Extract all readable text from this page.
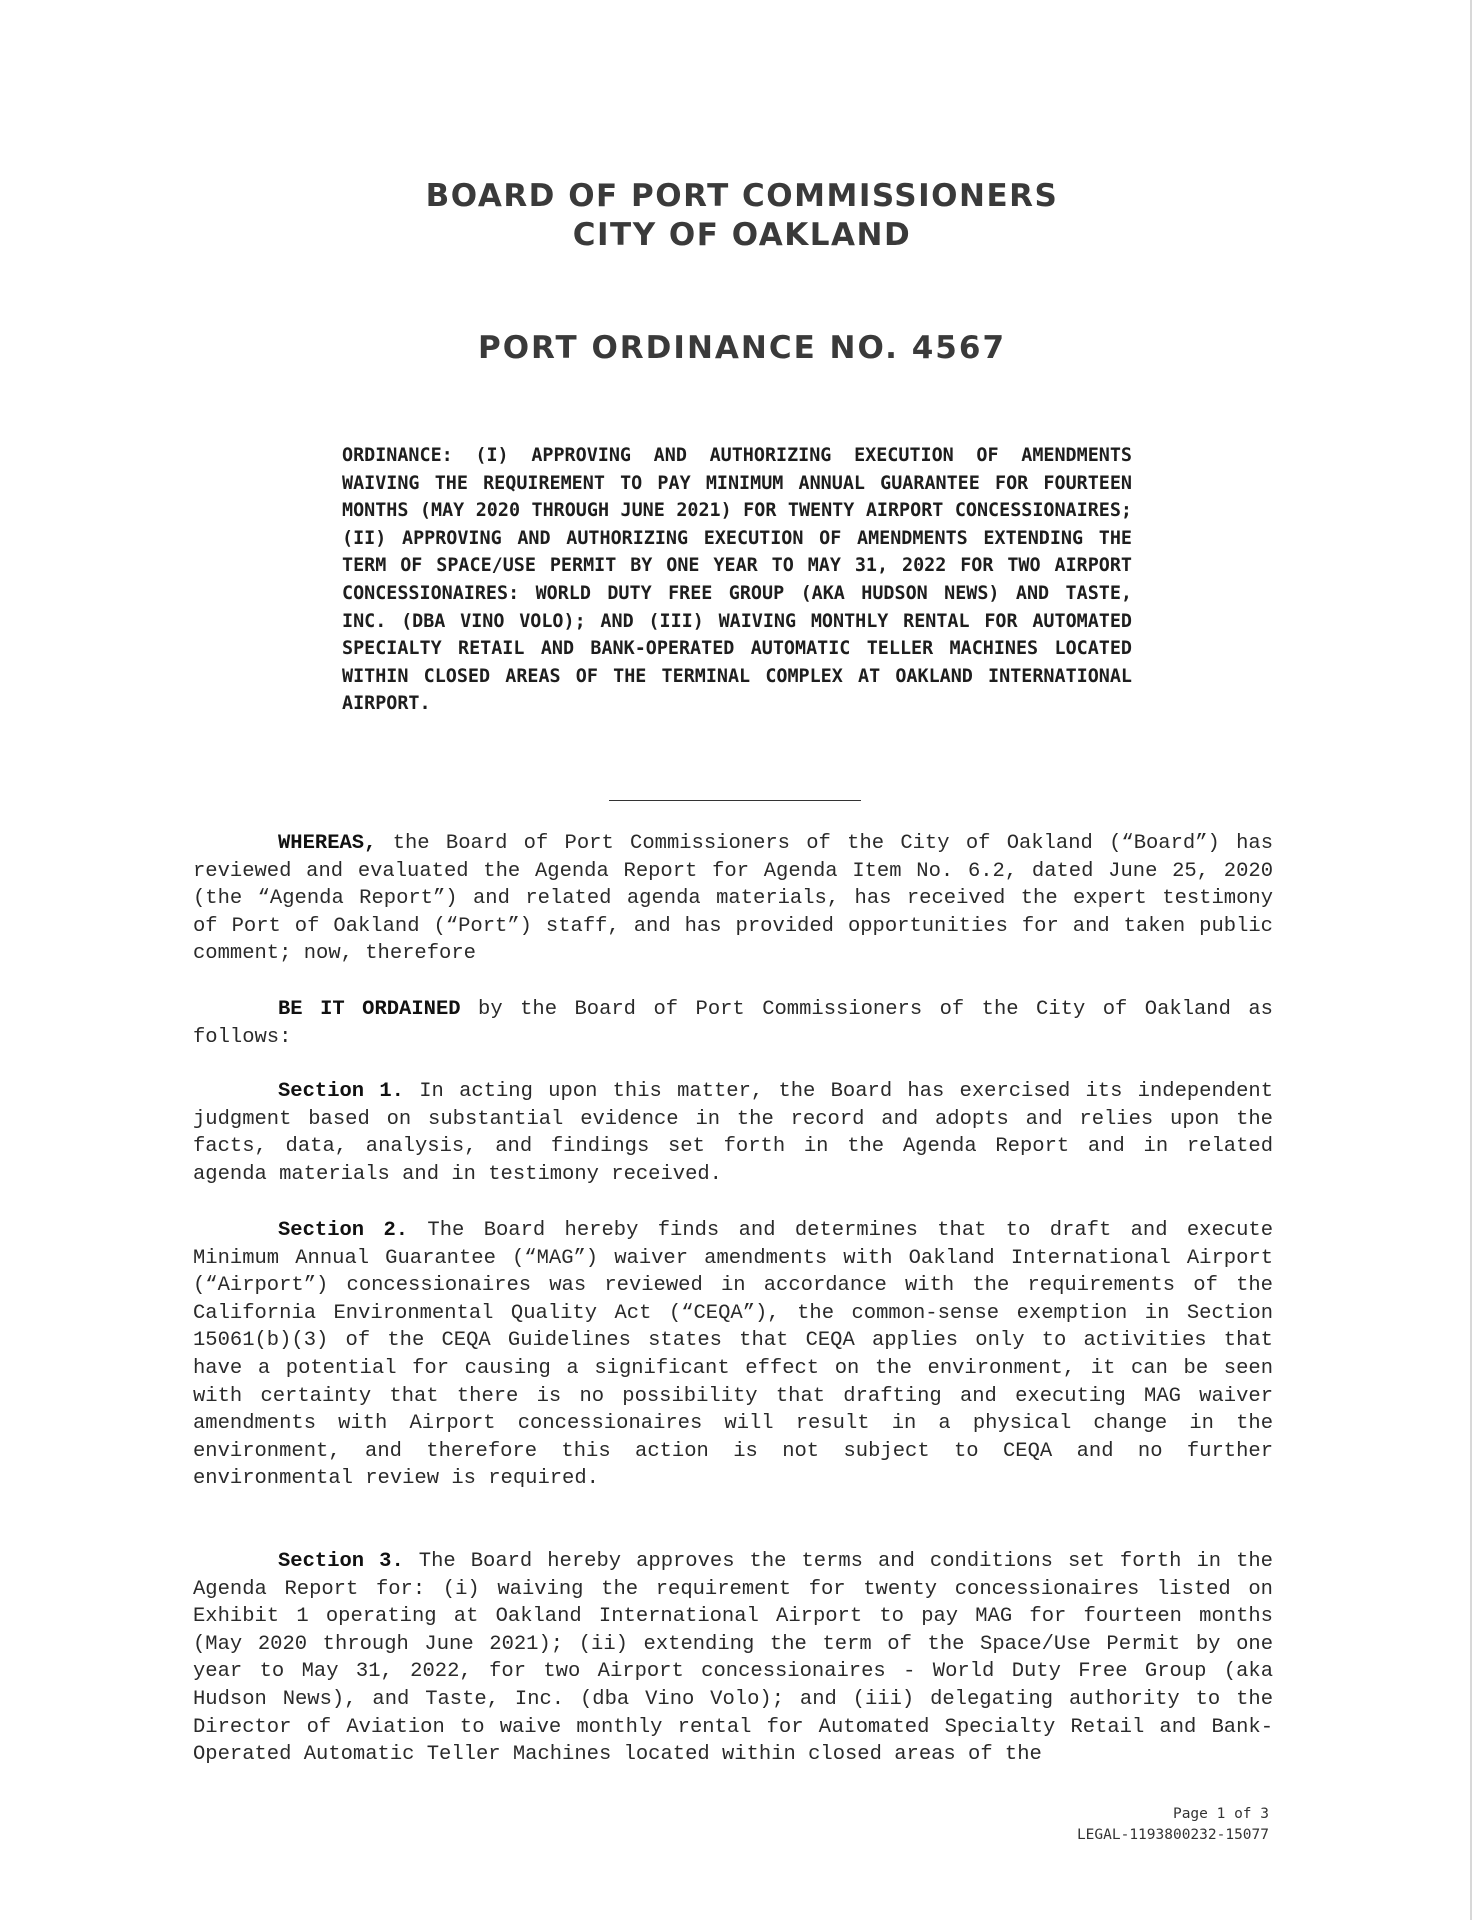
BOARD OF PORT COMMISSIONERS
CITY OF OAKLAND
PORT ORDINANCE NO. 4567

ORDINANCE: (I) APPROVING AND AUTHORIZING EXECUTION OF AMENDMENTS WAIVING THE REQUIREMENT TO PAY MINIMUM ANNUAL GUARANTEE FOR FOURTEEN MONTHS (MAY 2020 THROUGH JUNE 2021) FOR TWENTY AIRPORT CONCESSIONAIRES; (II) APPROVING AND AUTHORIZING EXECUTION OF AMENDMENTS EXTENDING THE TERM OF SPACE/USE PERMIT BY ONE YEAR TO MAY 31, 2022 FOR TWO AIRPORT CONCESSIONAIRES: WORLD DUTY FREE GROUP (AKA HUDSON NEWS) AND TASTE, INC. (DBA VINO VOLO); AND (III) WAIVING MONTHLY RENTAL FOR AUTOMATED SPECIALTY RETAIL AND BANK-OPERATED AUTOMATIC TELLER MACHINES LOCATED WITHIN CLOSED AREAS OF THE TERMINAL COMPLEX AT OAKLAND INTERNATIONAL AIRPORT.

WHEREAS, the Board of Port Commissioners of the City of Oakland (“Board”) has reviewed and evaluated the Agenda Report for Agenda Item No. 6.2, dated June 25, 2020 (the “Agenda Report”) and related agenda materials, has received the expert testimony of Port of Oakland (“Port”) staff, and has provided opportunities for and taken public comment; now, therefore

BE IT ORDAINED by the Board of Port Commissioners of the City of Oakland as follows:

Section 1. In acting upon this matter, the Board has exercised its independent judgment based on substantial evidence in the record and adopts and relies upon the facts, data, analysis, and findings set forth in the Agenda Report and in related agenda materials and in testimony received.

Section 2. The Board hereby finds and determines that to draft and execute Minimum Annual Guarantee (“MAG”) waiver amendments with Oakland International Airport (“Airport”) concessionaires was reviewed in accordance with the requirements of the California Environmental Quality Act (“CEQA”), the common-sense exemption in Section 15061(b)(3) of the CEQA Guidelines states that CEQA applies only to activities that have a potential for causing a significant effect on the environment, it can be seen with certainty that there is no possibility that drafting and executing MAG waiver amendments with Airport concessionaires will result in a physical change in the environment, and therefore this action is not subject to CEQA and no further environmental review is required.

Section 3. The Board hereby approves the terms and conditions set forth in the Agenda Report for: (i) waiving the requirement for twenty concessionaires listed on Exhibit 1 operating at Oakland International Airport to pay MAG for fourteen months (May 2020 through June 2021); (ii) extending the term of the Space/Use Permit by one year to May 31, 2022, for two Airport concessionaires - World Duty Free Group (aka Hudson News), and Taste, Inc. (dba Vino Volo); and (iii) delegating authority to the Director of Aviation to waive monthly rental for Automated Specialty Retail and Bank-Operated Automatic Teller Machines located within closed areas of the

Page 1 of 3

LEGAL-1193800232-15077
